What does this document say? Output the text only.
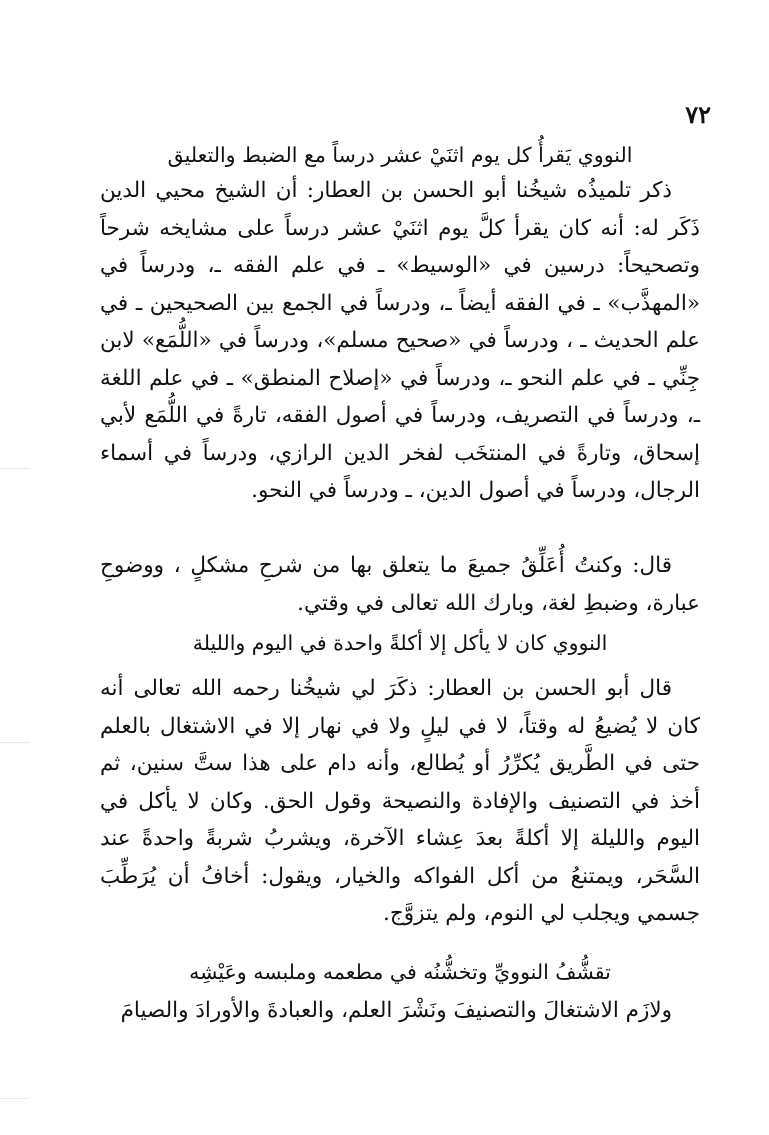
٧٢
النووي يَقرأُ كل يوم اثنَيْ عشر درساً مع الضبط والتعليق

ذكر تلميذُه شيخُنا أبو الحسن بن العطار: أن الشيخ محيي الدين ذَكَر له: أنه كان يقرأ كلَّ يوم اثنَيْ عشر درساً على مشايخه شرحاً وتصحيحاً: درسين في «الوسيط» ـ في علم الفقه ـ، ودرساً في «المهذَّب» ـ في الفقه أيضاً ـ، ودرساً في الجمع بين الصحيحين ـ في علم الحديث ـ ، ودرساً في «صحيح مسلم»، ودرساً في «اللُّمَع» لابن جِنِّي ـ في علم النحو ـ، ودرساً في «إصلاح المنطق» ـ في علم اللغة ـ، ودرساً في التصريف، ودرساً في أصول الفقه، تارةً في اللُّمَع لأبي إسحاق، وتارةً في المنتخَب لفخر الدين الرازي، ودرساً في أسماء الرجال، ودرساً في أصول الدين، ـ ودرساً في النحو.

قال: وكنتُ أُعَلِّقُ جميعَ ما يتعلق بها من شرحِ مشكلٍ ، ووضوحِ عبارة، وضبطِ لغة، وبارك الله تعالى في وقتي.

النووي كان لا يأكل إلا أكلةً واحدة في اليوم والليلة

قال أبو الحسن بن العطار: ذكَرَ لي شيخُنا رحمه الله تعالى أنه كان لا يُضيعُ له وقتاً، لا في ليلٍ ولا في نهار إلا في الاشتغال بالعلم حتى في الطَّريق يُكرِّرُ أو يُطالع، وأنه دام على هذا ستَّ سنين، ثم أخذ في التصنيف والإفادة والنصيحة وقول الحق. وكان لا يأكل في اليوم والليلة إلا أكلةً بعدَ عِشاء الآخرة، ويشربُ شربةً واحدةً عند السَّحَر، ويمتنعُ من أكل الفواكه والخيار، ويقول: أخافُ أن يُرَطِّبَ جسمي ويجلب لي النوم، ولم يتزوَّج.

تقشُّفُ النوويِّ وتخشُّنُه في مطعمه وملبسه وعَيْشِه

ولازَم الاشتغالَ والتصنيفَ ونَشْرَ العلم، والعبادةَ والأورادَ والصيامَ
